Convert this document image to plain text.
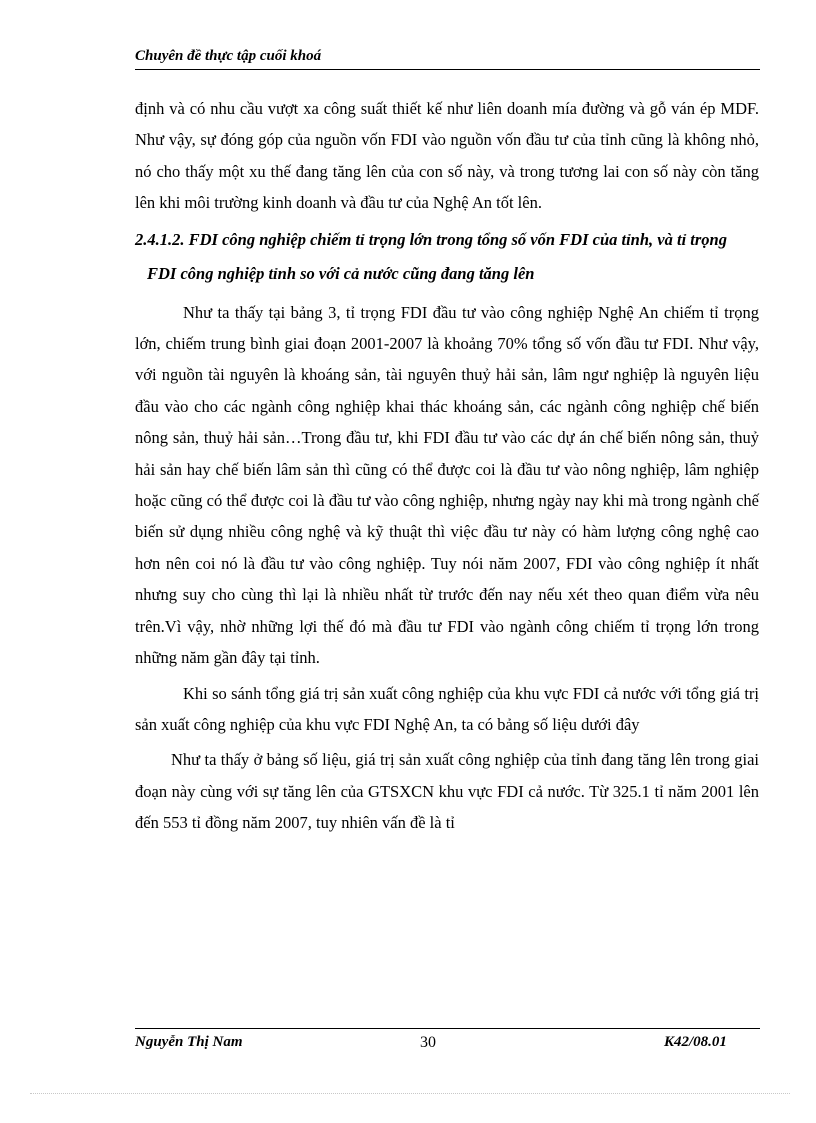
Chuyên đề thực tập cuối khoá

định và có nhu cầu vượt xa công suất thiết kế như liên doanh mía đường và gỗ ván ép MDF. Như vậy, sự đóng góp của nguồn vốn FDI vào nguồn vốn đầu tư của tỉnh cũng là không nhỏ, nó cho thấy một xu thế đang tăng lên của con số này, và trong tương lai con số này còn tăng lên khi môi trường kinh doanh và đầu tư của Nghệ An tốt lên.

2.4.1.2. FDI công nghiệp chiếm tỉ trọng lớn trong tổng số vốn FDI của tỉnh, và tỉ trọng FDI công nghiệp tỉnh so với cả nước cũng đang tăng lên

Như ta thấy tại bảng 3, tỉ trọng FDI đầu tư vào công nghiệp Nghệ An chiếm tỉ trọng lớn, chiếm trung bình giai đoạn 2001-2007 là khoảng 70% tổng số vốn đầu tư FDI. Như vậy, với nguồn tài nguyên là khoáng sản, tài nguyên thuỷ hải sản, lâm ngư nghiệp là nguyên liệu đầu vào cho các ngành công nghiệp khai thác khoáng sản, các ngành công nghiệp chế biến nông sản, thuỷ hải sản…Trong đầu tư, khi FDI đầu tư vào các dự án chế biến nông sản, thuỷ hải sản hay chế biến lâm sản thì cũng có thể được coi là đầu tư vào nông nghiệp, lâm nghiệp hoặc cũng có thể được coi là đầu tư vào công nghiệp, nhưng ngày nay khi mà trong ngành chế biến sử dụng nhiều công nghệ và kỹ thuật thì việc đầu tư này có hàm lượng công nghệ cao hơn nên coi nó là đầu tư vào công nghiệp. Tuy nói năm 2007, FDI vào công nghiệp ít nhất nhưng suy cho cùng thì lại là nhiều nhất từ trước đến nay nếu xét theo quan điểm vừa nêu trên.Vì vậy, nhờ những lợi thế đó mà đầu tư FDI vào ngành công chiếm tỉ trọng lớn trong những năm gần đây tại tỉnh.

Khi so sánh tổng giá trị sản xuất công nghiệp của khu vực FDI cả nước với tổng giá trị sản xuất công nghiệp của khu vực FDI Nghệ An, ta có bảng số liệu dưới đây

Như ta thấy ở bảng số liệu, giá trị sản xuất công nghiệp của tỉnh đang tăng lên trong giai đoạn này cùng với sự tăng lên của GTSXCN khu vực FDI cả nước. Từ 325.1 tỉ năm 2001 lên đến 553 tỉ đồng năm 2007, tuy nhiên vấn đề là tỉ

Nguyễn Thị Nam	30	K42/08.01
